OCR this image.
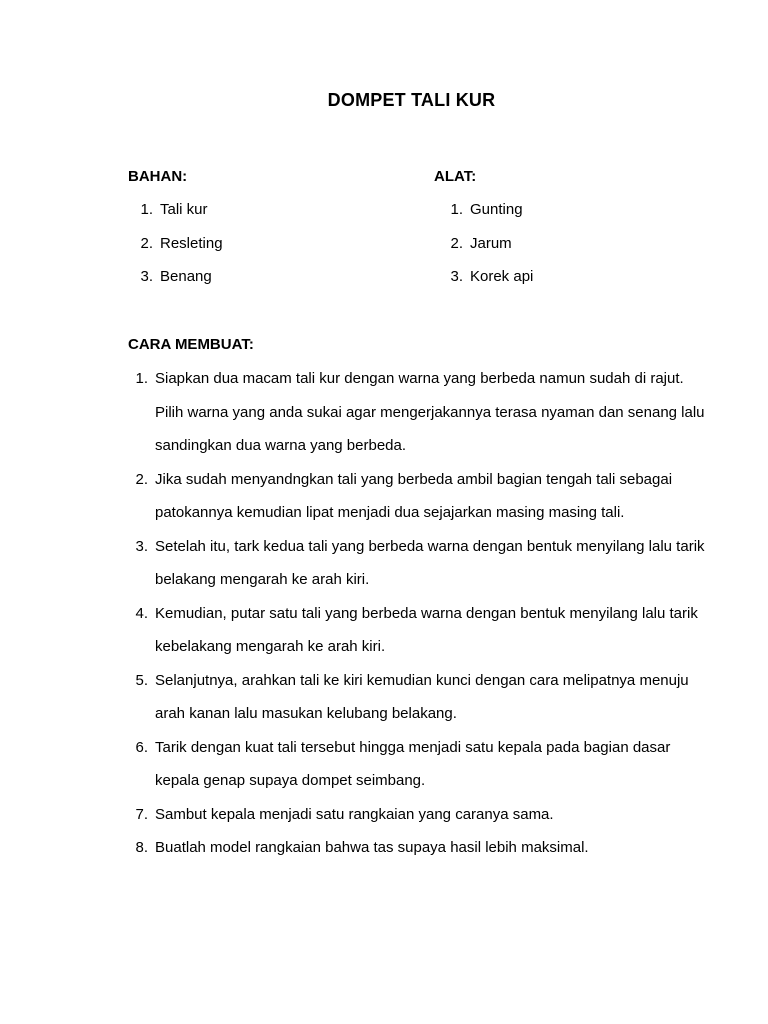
DOMPET TALI KUR
BAHAN:
1. Tali kur
2. Resleting
3. Benang
ALAT:
1. Gunting
2. Jarum
3. Korek api
CARA MEMBUAT:
1. Siapkan dua macam tali kur dengan warna yang berbeda namun sudah di rajut. Pilih warna yang anda sukai agar mengerjakannya terasa nyaman dan senang lalu sandingkan dua warna yang berbeda.
2. Jika sudah menyandngkan tali yang berbeda ambil bagian tengah tali sebagai patokannya kemudian lipat menjadi dua sejajarkan masing masing tali.
3. Setelah itu, tark kedua tali yang berbeda warna dengan bentuk menyilang lalu tarik belakang mengarah ke arah kiri.
4. Kemudian, putar satu tali yang berbeda warna dengan bentuk menyilang lalu tarik kebelakang mengarah ke arah kiri.
5. Selanjutnya, arahkan tali ke kiri kemudian kunci dengan cara melipatnya menuju arah kanan lalu masukan kelubang belakang.
6. Tarik dengan kuat tali tersebut hingga menjadi satu kepala pada bagian dasar kepala genap supaya dompet seimbang.
7. Sambut kepala menjadi satu rangkaian yang caranya sama.
8. Buatlah model rangkaian bahwa tas supaya hasil lebih maksimal.
